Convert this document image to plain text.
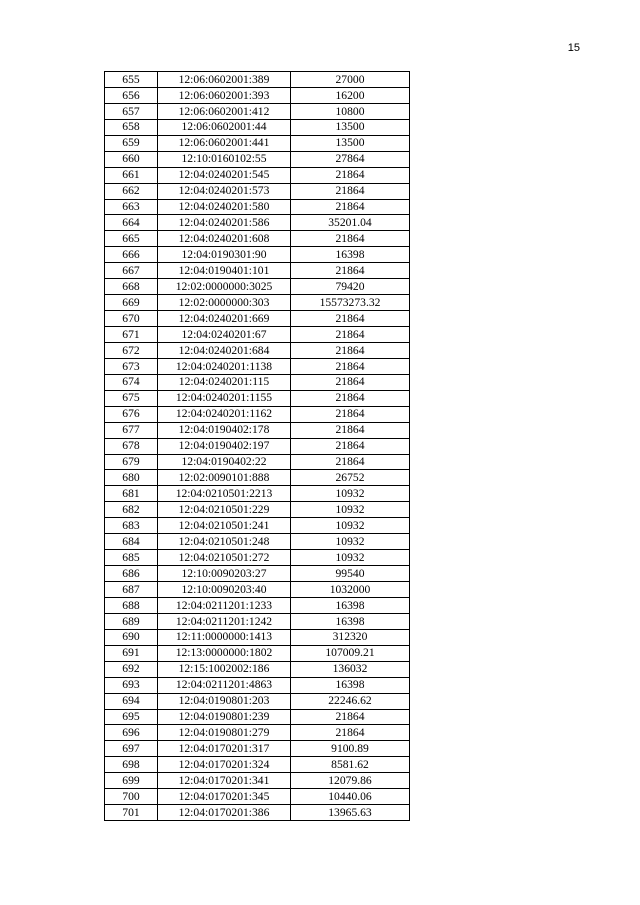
15
655	12:06:0602001:389	27000
656	12:06:0602001:393	16200
657	12:06:0602001:412	10800
658	12:06:0602001:44	13500
659	12:06:0602001:441	13500
660	12:10:0160102:55	27864
661	12:04:0240201:545	21864
662	12:04:0240201:573	21864
663	12:04:0240201:580	21864
664	12:04:0240201:586	35201.04
665	12:04:0240201:608	21864
666	12:04:0190301:90	16398
667	12:04:0190401:101	21864
668	12:02:0000000:3025	79420
669	12:02:0000000:303	15573273.32
670	12:04:0240201:669	21864
671	12:04:0240201:67	21864
672	12:04:0240201:684	21864
673	12:04:0240201:1138	21864
674	12:04:0240201:115	21864
675	12:04:0240201:1155	21864
676	12:04:0240201:1162	21864
677	12:04:0190402:178	21864
678	12:04:0190402:197	21864
679	12:04:0190402:22	21864
680	12:02:0090101:888	26752
681	12:04:0210501:2213	10932
682	12:04:0210501:229	10932
683	12:04:0210501:241	10932
684	12:04:0210501:248	10932
685	12:04:0210501:272	10932
686	12:10:0090203:27	99540
687	12:10:0090203:40	1032000
688	12:04:0211201:1233	16398
689	12:04:0211201:1242	16398
690	12:11:0000000:1413	312320
691	12:13:0000000:1802	107009.21
692	12:15:1002002:186	136032
693	12:04:0211201:4863	16398
694	12:04:0190801:203	22246.62
695	12:04:0190801:239	21864
696	12:04:0190801:279	21864
697	12:04:0170201:317	9100.89
698	12:04:0170201:324	8581.62
699	12:04:0170201:341	12079.86
700	12:04:0170201:345	10440.06
701	12:04:0170201:386	13965.63
